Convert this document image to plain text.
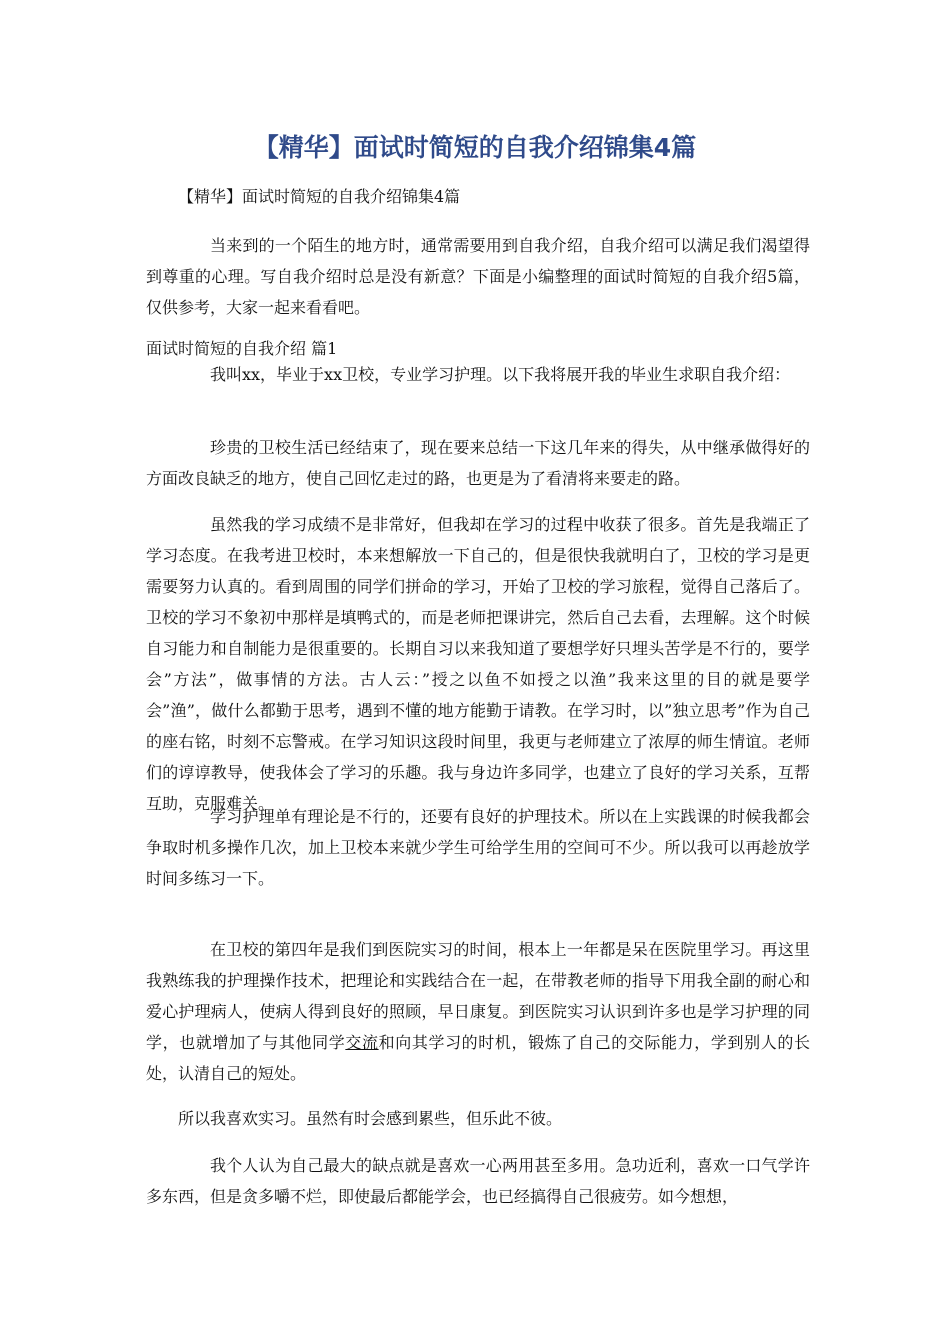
【精华】面试时简短的自我介绍锦集4篇

【精华】面试时简短的自我介绍锦集4篇

当来到的一个陌生的地方时，通常需要用到自我介绍，自我介绍可以满足我们渴望得到尊重的心理。写自我介绍时总是没有新意？下面是小编整理的面试时简短的自我介绍5篇，仅供参考，大家一起来看看吧。

面试时简短的自我介绍 篇1

我叫xx，毕业于xx卫校，专业学习护理。以下我将展开我的毕业生求职自我介绍：

珍贵的卫校生活已经结束了，现在要来总结一下这几年来的得失，从中继承做得好的方面改良缺乏的地方，使自己回忆走过的路，也更是为了看清将来要走的路。

虽然我的学习成绩不是非常好，但我却在学习的过程中收获了很多。首先是我端正了学习态度。在我考进卫校时，本来想解放一下自己的，但是很快我就明白了，卫校的学习是更需要努力认真的。看到周围的同学们拼命的学习，开始了卫校的学习旅程，觉得自己落后了。卫校的学习不象初中那样是填鸭式的，而是老师把课讲完，然后自己去看，去理解。这个时候自习能力和自制能力是很重要的。长期自习以来我知道了要想学好只埋头苦学是不行的，要学会”方法”，做事情的方法。古人云：”授之以鱼不如授之以渔”我来这里的目的就是要学会”渔”，做什么都勤于思考，遇到不懂的地方能勤于请教。在学习时，以”独立思考”作为自己的座右铭，时刻不忘警戒。在学习知识这段时间里，我更与老师建立了浓厚的师生情谊。老师们的谆谆教导，使我体会了学习的乐趣。我与身边许多同学，也建立了良好的学习关系，互帮互助，克服难关。

学习护理单有理论是不行的，还要有良好的护理技术。所以在上实践课的时候我都会争取时机多操作几次，加上卫校本来就少学生可给学生用的空间可不少。所以我可以再趁放学时间多练习一下。

在卫校的第四年是我们到医院实习的时间，根本上一年都是呆在医院里学习。再这里我熟练我的护理操作技术，把理论和实践结合在一起，在带教老师的指导下用我全副的耐心和爱心护理病人，使病人得到良好的照顾，早日康复。到医院实习认识到许多也是学习护理的同学，也就增加了与其他同学交流和向其学习的时机，锻炼了自己的交际能力，学到别人的长处，认清自己的短处。

所以我喜欢实习。虽然有时会感到累些，但乐此不彼。

我个人认为自己最大的缺点就是喜欢一心两用甚至多用。急功近利，喜欢一口气学许多东西，但是贪多嚼不烂，即使最后都能学会，也已经搞得自己很疲劳。如今想想，
